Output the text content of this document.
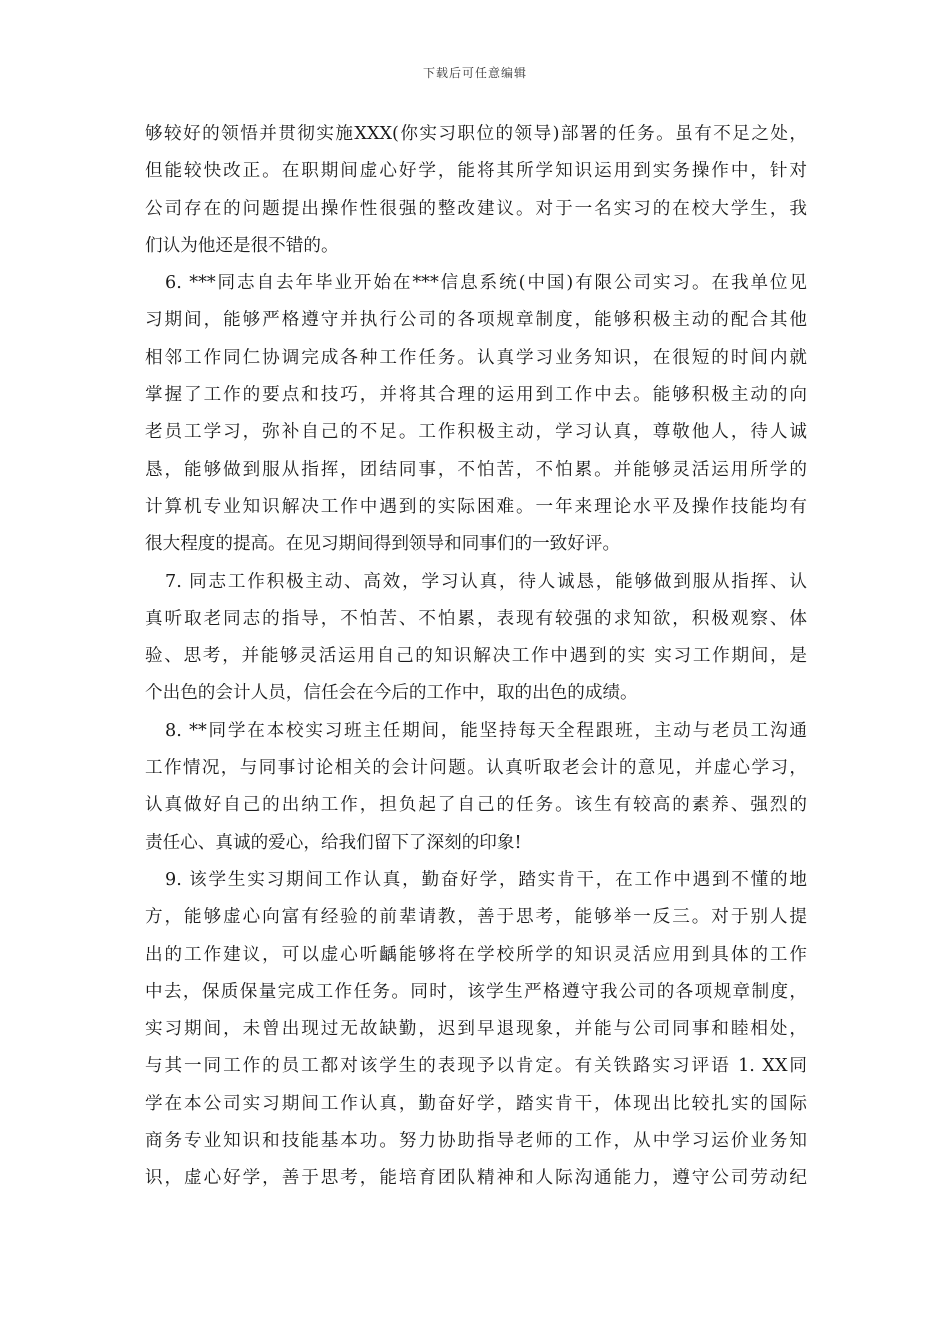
下载后可任意编辑
够较好的领悟并贯彻实施XXX(你实习职位的领导)部署的任务。虽有不足之处，
但能较快改正。在职期间虚心好学，能将其所学知识运用到实务操作中，针对
公司存在的问题提出操作性很强的整改建议。对于一名实习的在校大学生，我
们认为他还是很不错的。
6. ***同志自去年毕业开始在***信息系统(中国)有限公司实习。在我单位见
习期间，能够严格遵守并执行公司的各项规章制度，能够积极主动的配合其他
相邻工作同仁协调完成各种工作任务。认真学习业务知识，在很短的时间内就
掌握了工作的要点和技巧，并将其合理的运用到工作中去。能够积极主动的向
老员工学习，弥补自己的不足。工作积极主动，学习认真，尊敬他人，待人诚
恳，能够做到服从指挥，团结同事，不怕苦，不怕累。并能够灵活运用所学的
计算机专业知识解决工作中遇到的实际困难。一年来理论水平及操作技能均有
很大程度的提高。在见习期间得到领导和同事们的一致好评。
7. 同志工作积极主动、高效，学习认真，待人诚恳，能够做到服从指挥、认
真听取老同志的指导，不怕苦、不怕累，表现有较强的求知欲，积极观察、体
验、思考，并能够灵活运用自己的知识解决工作中遇到的实 实习工作期间，是
个出色的会计人员，信任会在今后的工作中，取的出色的成绩。
8. **同学在本校实习班主任期间，能坚持每天全程跟班，主动与老员工沟通
工作情况，与同事讨论相关的会计问题。认真听取老会计的意见，并虚心学习，
认真做好自己的出纳工作，担负起了自己的任务。该生有较高的素养、强烈的
责任心、真诚的爱心，给我们留下了深刻的印象!
9. 该学生实习期间工作认真，勤奋好学，踏实肯干，在工作中遇到不懂的地
方，能够虚心向富有经验的前辈请教，善于思考，能够举一反三。对于别人提
出的工作建议，可以虚心听齲能够将在学校所学的知识灵活应用到具体的工作
中去，保质保量完成工作任务。同时，该学生严格遵守我公司的各项规章制度，
实习期间，未曾出现过无故缺勤，迟到早退现象，并能与公司同事和睦相处，
与其一同工作的员工都对该学生的表现予以肯定。有关铁路实习评语 1. XX同
学在本公司实习期间工作认真，勤奋好学，踏实肯干，体现出比较扎实的国际
商务专业知识和技能基本功。努力协助指导老师的工作，从中学习运价业务知
识，虚心好学，善于思考，能培育团队精神和人际沟通能力，遵守公司劳动纪
